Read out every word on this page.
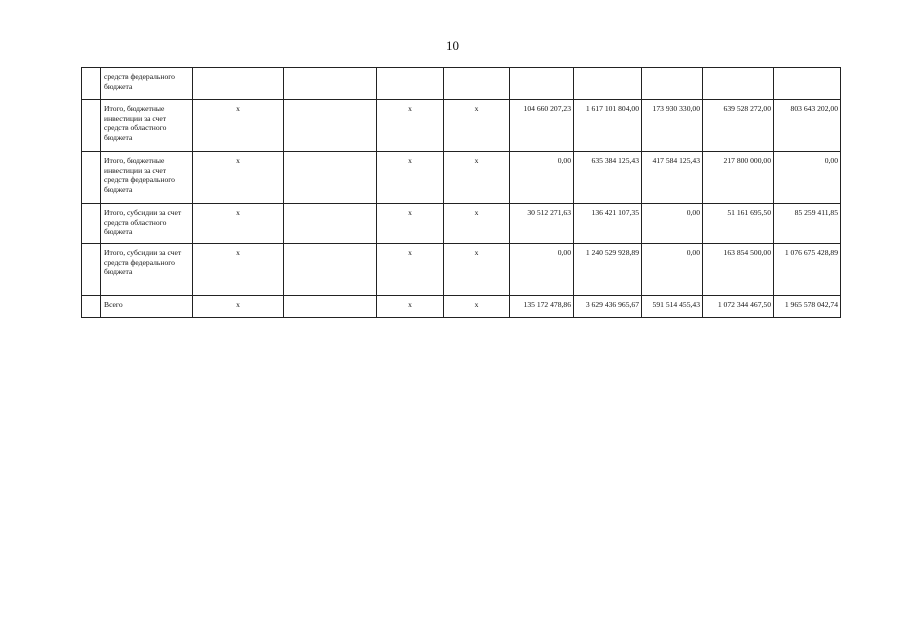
10
	средств федерального бюджета									
	Итого, бюджетные инвестиции за счет средств областного бюджета	х		х	х	104 660 207,23	1 617 101 804,00	173 930 330,00	639 528 272,00	803 643 202,00
	Итого, бюджетные инвестиции за счет средств федерального бюджета	х		х	х	0,00	635 384 125,43	417 584 125,43	217 800 000,00	0,00
	Итого, субсидии за счет средств областного бюджета	х		х	х	30 512 271,63	136 421 107,35	0,00	51 161 695,50	85 259 411,85
	Итого, субсидии за счет средств федерального бюджета	х		х	х	0,00	1 240 529 928,89	0,00	163 854 500,00	1 076 675 428,89
	Всего	х		х	х	135 172 478,86	3 629 436 965,67	591 514 455,43	1 072 344 467,50	1 965 578 042,74
